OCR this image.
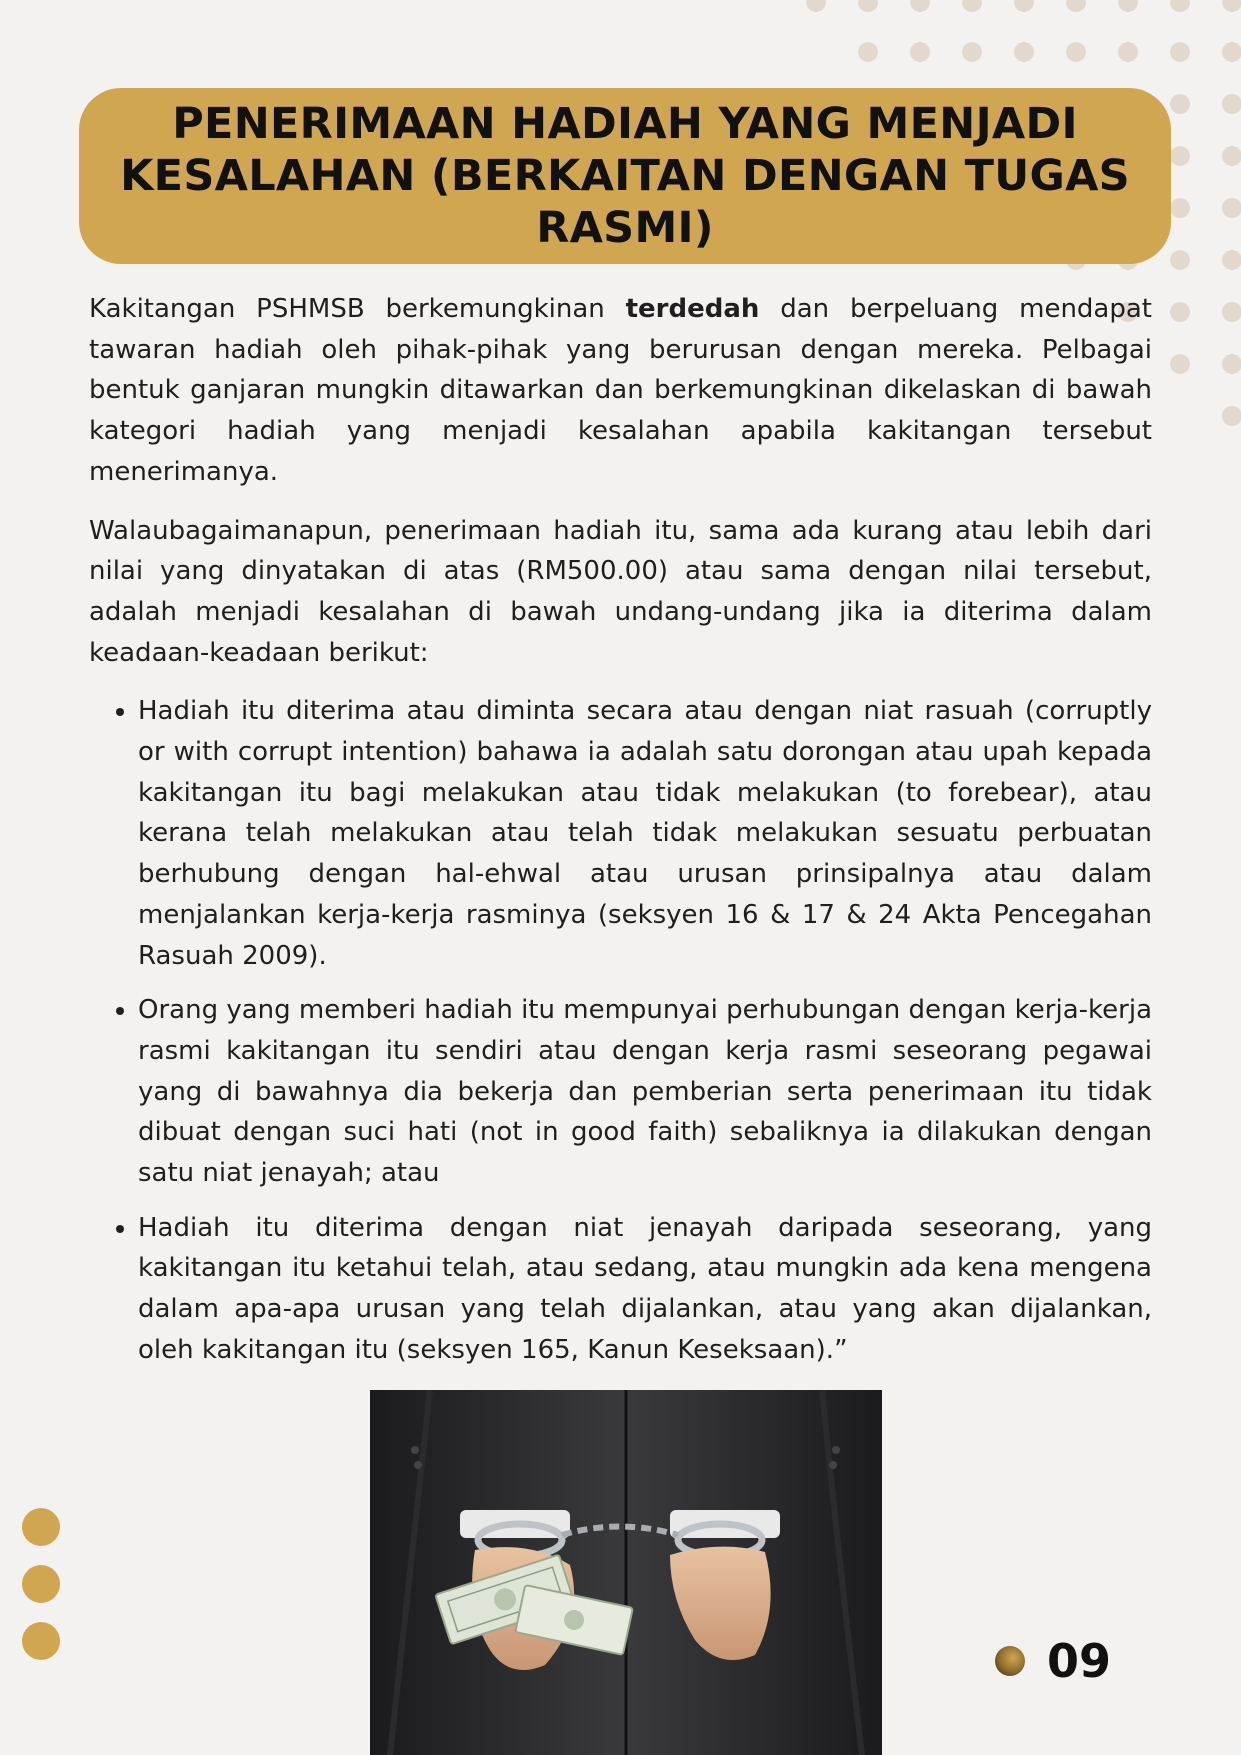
PENERIMAAN HADIAH YANG MENJADI KESALAHAN (BERKAITAN DENGAN TUGAS RASMI)

Kakitangan PSHMSB berkemungkinan terdedah dan berpeluang mendapat tawaran hadiah oleh pihak-pihak yang berurusan dengan mereka. Pelbagai bentuk ganjaran mungkin ditawarkan dan berkemungkinan dikelaskan di bawah kategori hadiah yang menjadi kesalahan apabila kakitangan tersebut menerimanya.

Walaubagaimanapun, penerimaan hadiah itu, sama ada kurang atau lebih dari nilai yang dinyatakan di atas (RM500.00) atau sama dengan nilai tersebut, adalah menjadi kesalahan di bawah undang-undang jika ia diterima dalam keadaan-keadaan berikut:

• Hadiah itu diterima atau diminta secara atau dengan niat rasuah (corruptly or with corrupt intention) bahawa ia adalah satu dorongan atau upah kepada kakitangan itu bagi melakukan atau tidak melakukan (to forebear), atau kerana telah melakukan atau telah tidak melakukan sesuatu perbuatan berhubung dengan hal-ehwal atau urusan prinsipalnya atau dalam menjalankan kerja-kerja rasminya (seksyen 16 & 17 & 24 Akta Pencegahan Rasuah 2009).
• Orang yang memberi hadiah itu mempunyai perhubungan dengan kerja-kerja rasmi kakitangan itu sendiri atau dengan kerja rasmi seseorang pegawai yang di bawahnya dia bekerja dan pemberian serta penerimaan itu tidak dibuat dengan suci hati (not in good faith) sebaliknya ia dilakukan dengan satu niat jenayah; atau
• Hadiah itu diterima dengan niat jenayah daripada seseorang, yang kakitangan itu ketahui telah, atau sedang, atau mungkin ada kena mengena dalam apa-apa urusan yang telah dijalankan, atau yang akan dijalankan, oleh kakitangan itu (seksyen 165, Kanun Keseksaan).”
09
